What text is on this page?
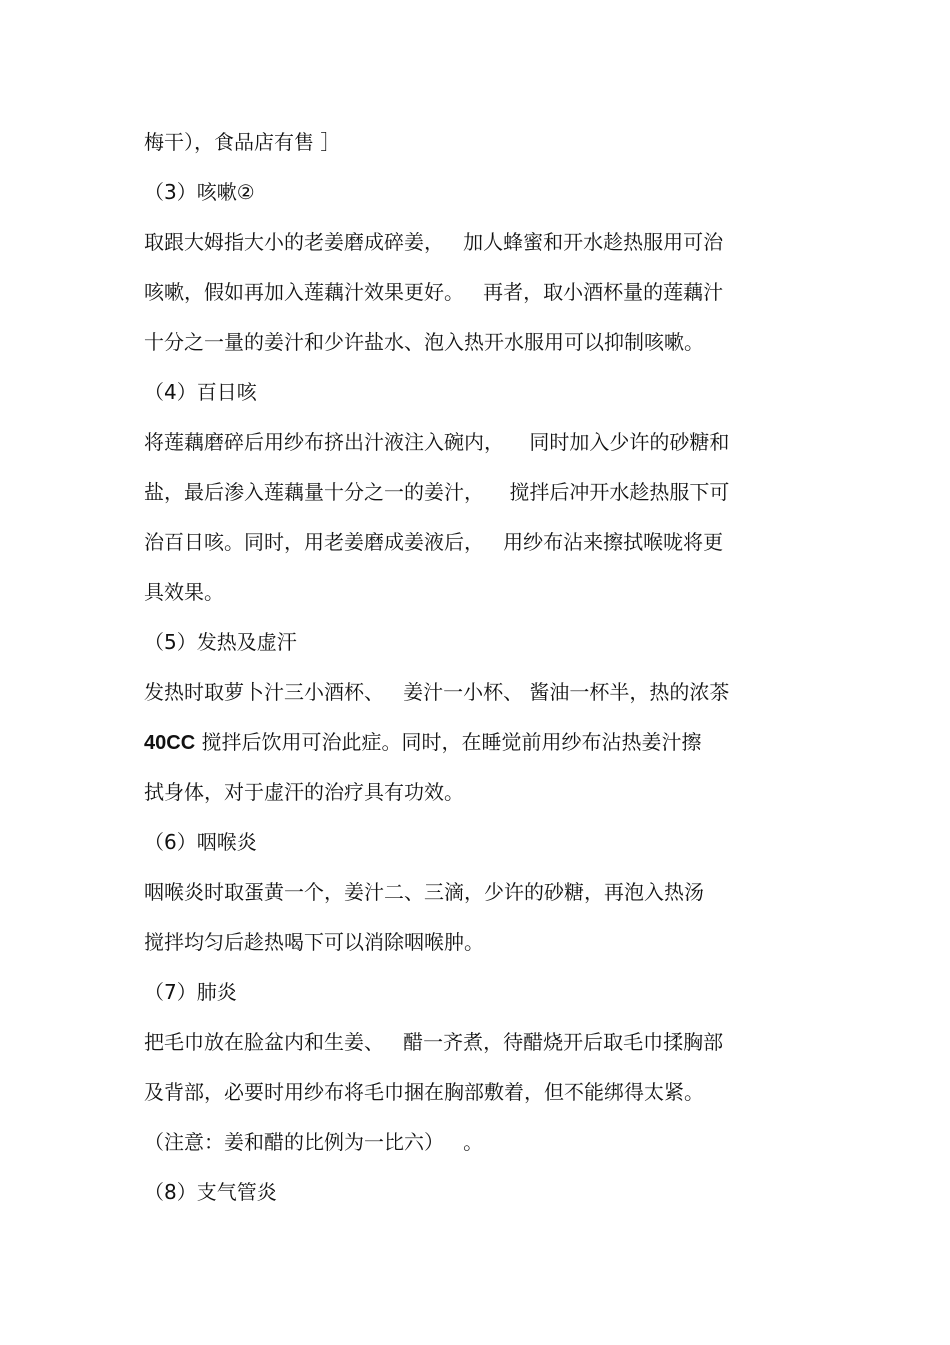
梅干），食品店有售 ］
（3）咳嗽②
取跟大姆指大小的老姜磨成碎姜，   加人蜂蜜和开水趁热服用可治
咳嗽，假如再加入莲藕汁效果更好。   再者，取小酒杯量的莲藕汁
十分之一量的姜汁和少许盐水、泡入热开水服用可以抑制咳嗽。
（4）百日咳
将莲藕磨碎后用纱布挤出汁液注入碗内，    同时加入少许的砂糖和
盐，最后渗入莲藕量十分之一的姜汁，    搅拌后冲开水趁热服下可
治百日咳。同时，用老姜磨成姜液后，   用纱布沾来擦拭喉咙将更
具效果。
（5）发热及虚汗
发热时取萝卜汁三小酒杯、   姜汁一小杯、 酱油一杯半，热的浓茶
40CC 搅拌后饮用可治此症。同时，在睡觉前用纱布沾热姜汁擦
拭身体，对于虚汗的治疗具有功效。
（6）咽喉炎
咽喉炎时取蛋黄一个，姜汁二、三滴，少许的砂糖，再泡入热汤
搅拌均匀后趁热喝下可以消除咽喉肿。
（7）肺炎
把毛巾放在脸盆内和生姜、   醋一齐煮，待醋烧开后取毛巾揉胸部
及背部，必要时用纱布将毛巾捆在胸部敷着，但不能绑得太紧。
（注意：姜和醋的比例为一比六）   。
（8）支气管炎
